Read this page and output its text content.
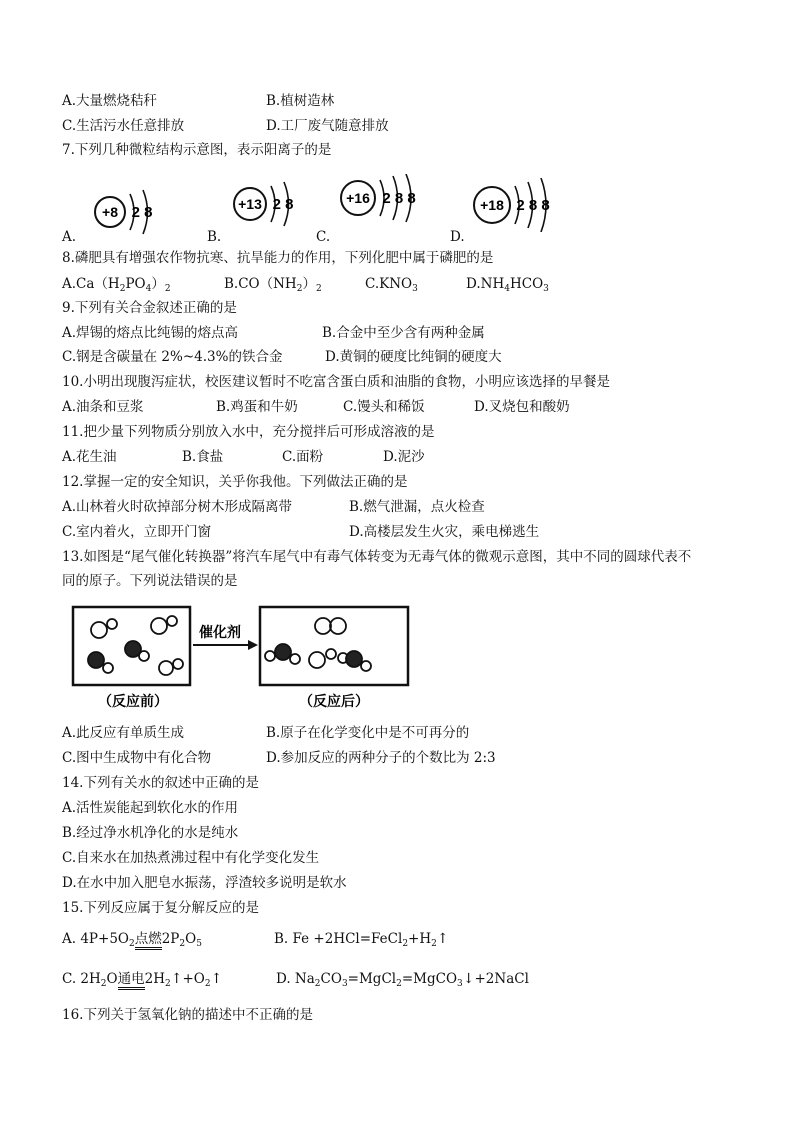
A.大量燃烧秸秆	B.植树造林
C.生活污水任意排放	D.工厂废气随意排放
7.下列几种微粒结构示意图，表示阳离子的是
A.
+8 2 8
B.
+13 2 8
C.
+16 2 8 8
D.
+18 2 8 8
8.磷肥具有增强农作物抗寒、抗旱能力的作用，下列化肥中属于磷肥的是
$A.Ca(H_2PO_4)_2$	$B.CO(NH_2)_2$	$C.KNO_3$	$D.NH_4HCO_3$
9.下列有关合金叙述正确的是
A.焊锡的熔点比纯锡的熔点高	B.合金中至少含有两种金属
C.钢是含碳量在 2%~4.3%的铁合金	D.黄铜的硬度比纯铜的硬度大
10.小明出现腹泻症状，校医建议暂时不吃富含蛋白质和油脂的食物，小明应该选择的早餐是
A.油条和豆浆	B.鸡蛋和牛奶	C.馒头和稀饭	D.叉烧包和酸奶
11.把少量下列物质分别放入水中，充分搅拌后可形成溶液的是
A.花生油	B.食盐	C.面粉	D.泥沙
12.掌握一定的安全知识，关乎你我他。下列做法正确的是
A.山林着火时砍掉部分树木形成隔离带	B.燃气泄漏，点火检查
C.室内着火，立即开门窗	D.高楼层发生火灾，乘电梯逃生
13.如图是“尾气催化转换器”将汽车尾气中有毒气体转变为无毒气体的微观示意图，其中不同的圆球代表不
同的原子。下列说法错误的是
催化剂
（反应前）	（反应后）
A.此反应有单质生成	B.原子在化学变化中是不可再分的
C.图中生成物中有化合物	D.参加反应的两种分子的个数比为 2:3
14.下列有关水的叙述中正确的是
A.活性炭能起到软化水的作用
B.经过净水机净化的水是纯水
C.自来水在加热煮沸过程中有化学变化发生
D.在水中加入肥皂水振荡，浮渣较多说明是软水
15.下列反应属于复分解反应的是
A. $4P+5O_2$点燃$2P_2O_5$	B. $Fe +2HCl=FeCl_2+H_2↑$
C. $2H_2O$通电$2H_2↑+O_2↑$	D. $Na_2CO_3=MgCl_2=MgCO_3↓+2NaCl$
16.下列关于氢氧化钠的描述中不正确的是
